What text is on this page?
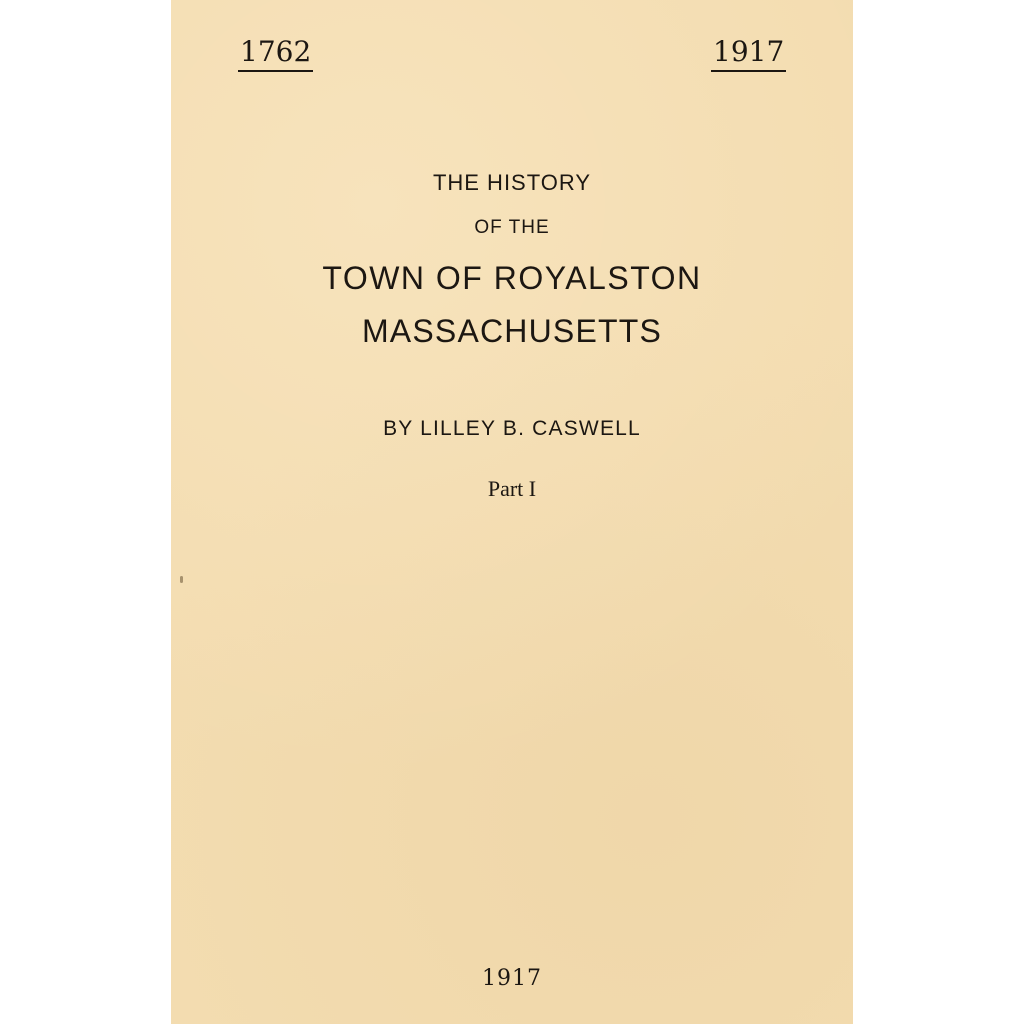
1762	1917
THE HISTORY
OF THE
TOWN OF ROYALSTON
MASSACHUSETTS
BY LILLEY B. CASWELL
Part I
1917
